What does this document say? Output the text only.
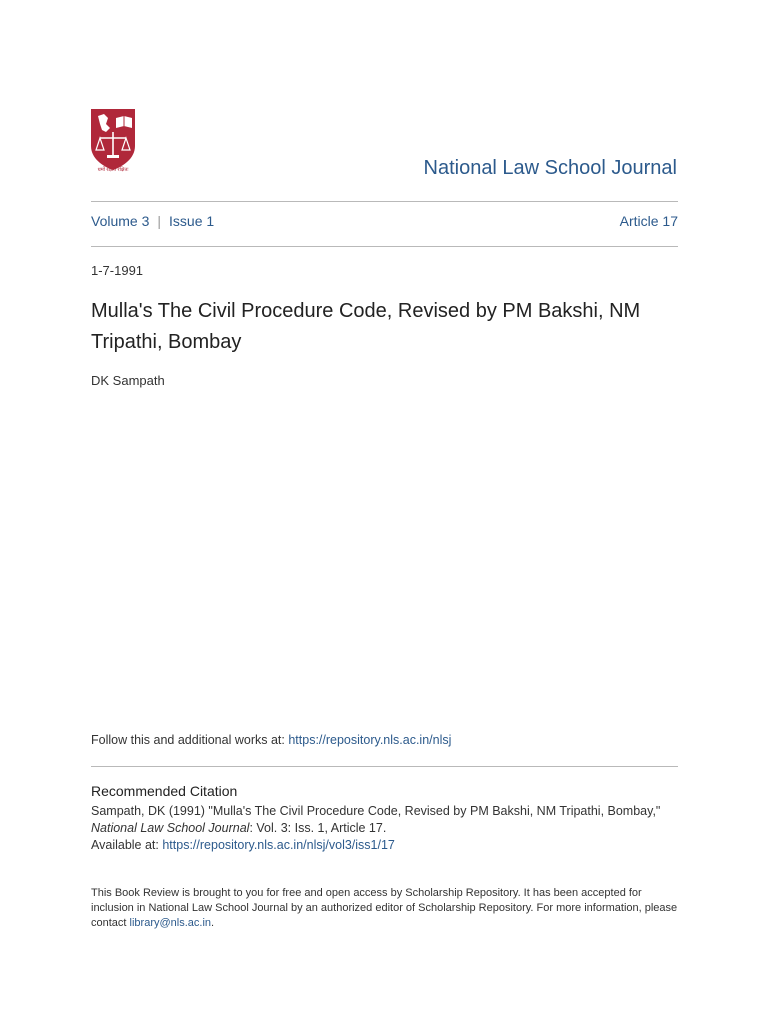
धर्मो रक्षति रक्षितः	National Law School Journal
Volume 3 | Issue 1	Article 17
1-7-1991
Mulla's The Civil Procedure Code, Revised by PM Bakshi, NM Tripathi, Bombay
DK Sampath
Follow this and additional works at: https://repository.nls.ac.in/nlsj
Recommended Citation
Sampath, DK (1991) "Mulla's The Civil Procedure Code, Revised by PM Bakshi, NM Tripathi, Bombay,"
National Law School Journal: Vol. 3: Iss. 1, Article 17.
Available at: https://repository.nls.ac.in/nlsj/vol3/iss1/17
This Book Review is brought to you for free and open access by Scholarship Repository. It has been accepted for inclusion in National Law School Journal by an authorized editor of Scholarship Repository. For more information, please contact library@nls.ac.in.
